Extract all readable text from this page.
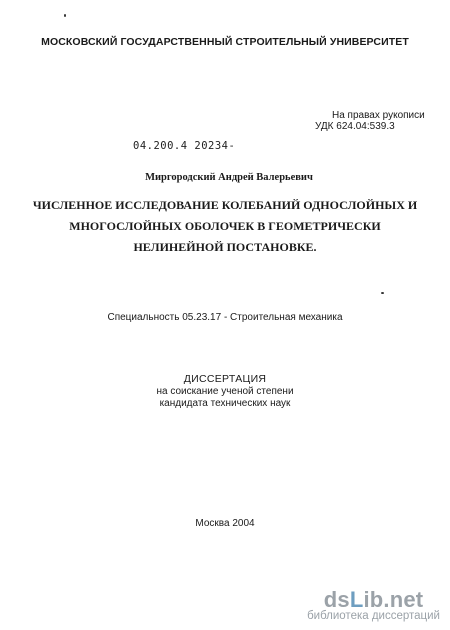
МОСКОВСКИЙ ГОСУДАРСТВЕННЫЙ СТРОИТЕЛЬНЫЙ УНИВЕРСИТЕТ
На правах рукописи
УДК 624.04:539.3
04.200.4 20234-
Миргородский Андрей Валерьевич
ЧИСЛЕННОЕ ИССЛЕДОВАНИЕ КОЛЕБАНИЙ ОДНОСЛОЙНЫХ И
МНОГОСЛОЙНЫХ ОБОЛОЧЕК В ГЕОМЕТРИЧЕСКИ
НЕЛИНЕЙНОЙ ПОСТАНОВКЕ.
Специальность 05.23.17 - Строительная механика
ДИССЕРТАЦИЯ
на соискание ученой степени
кандидата технических наук
Москва 2004
dsLib.net
библиотека диссертаций
